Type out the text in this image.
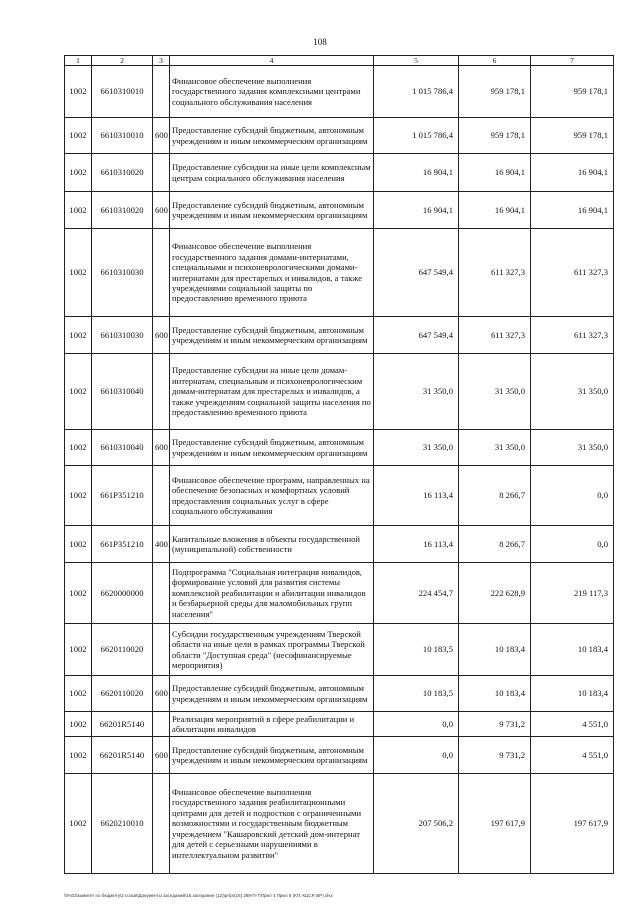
108
1	2	3	4	5	6	7
1002	6610310010		Финансовое обеспечение выполнения государственного задания комплексными центрами социального обслуживания населения	1 015 786,4	959 178,1	959 178,1
1002	6610310010	600	Предоставление субсидий бюджетным, автономным учреждениям и иным некоммерческим организациям	1 015 786,4	959 178,1	959 178,1
1002	6610310020		Предоставление субсидии на иные цели комплексным центрам социального обслуживания населения	16 904,1	16 904,1	16 904,1
1002	6610310020	600	Предоставление субсидий бюджетным, автономным учреждениям и иным некоммерческим организациям	16 904,1	16 904,1	16 904,1
1002	6610310030		Финансовое обеспечение выполнения государственного задания домами-интернатами, специальными и психоневрологическими домами-интернатами для престарелых и инвалидов, а также учреждениями социальной защиты по предоставлению временного приюта	647 549,4	611 327,3	611 327,3
1002	6610310030	600	Предоставление субсидий бюджетным, автономным учреждениям и иным некоммерческим организациям	647 549,4	611 327,3	611 327,3
1002	6610310040		Предоставление субсидии на иные цели домам-интернатам, специальным и психоневрологическим домам-интернатам для престарелых и инвалидов, а также учреждениям социальной защиты населения по предоставлению временного приюта	31 350,0	31 350,0	31 350,0
1002	6610310040	600	Предоставление субсидий бюджетным, автономным учреждениям и иным некоммерческим организациям	31 350,0	31 350,0	31 350,0
1002	661P351210		Финансовое обеспечение программ, направленных на обеспечение безопасных и комфортных условий предоставления социальных услуг в сфере социального обслуживания	16 113,4	8 266,7	0,0
1002	661P351210	400	Капитальные вложения в объекты государственной (муниципальной) собственности	16 113,4	8 266,7	0,0
1002	6620000000		Подпрограмма "Социальная интеграция инвалидов, формирование условий для развития системы комплексной реабилитации и абилитации инвалидов и безбарьерной среды для маломобильных групп населения"	224 454,7	222 628,9	219 117,3
1002	6620110020		Субсидии государственным учреждениям Тверской области на иные цели в рамках программы Тверской области "Доступная среда" (несофинансируемые мероприятия)	10 183,5	10 183,4	10 183,4
1002	6620110020	600	Предоставление субсидий бюджетным, автономным учреждениям и иным некоммерческим организациям	10 183,5	10 183,4	10 183,4
1002	66201R5140		Реализация мероприятий в сфере реабилитации и абилитации инвалидов	0,0	9 731,2	4 551,0
1002	66201R5140	600	Предоставление субсидий бюджетным, автономным учреждениям и иным некоммерческим организациям	0,0	9 731,2	4 551,0
1002	6620210010		Финансовое обеспечение выполнения государственного задания реабилитационными центрами для детей и подростков с ограниченными возможностями и государственным бюджетным учреждением "Кашаровский детский дом-интернат для детей с серьезными нарушениями в интеллектуальном развитии"	207 506,2	197 617,9	197 617,9
\\Fs02\комитет по бюджету\2 созыв\Документы заседаний\16 заседание (12)\pr\pr(16) 289-П-7\Прил 4 Прил 8 (КП, КЦСР, ВР).xlsx
